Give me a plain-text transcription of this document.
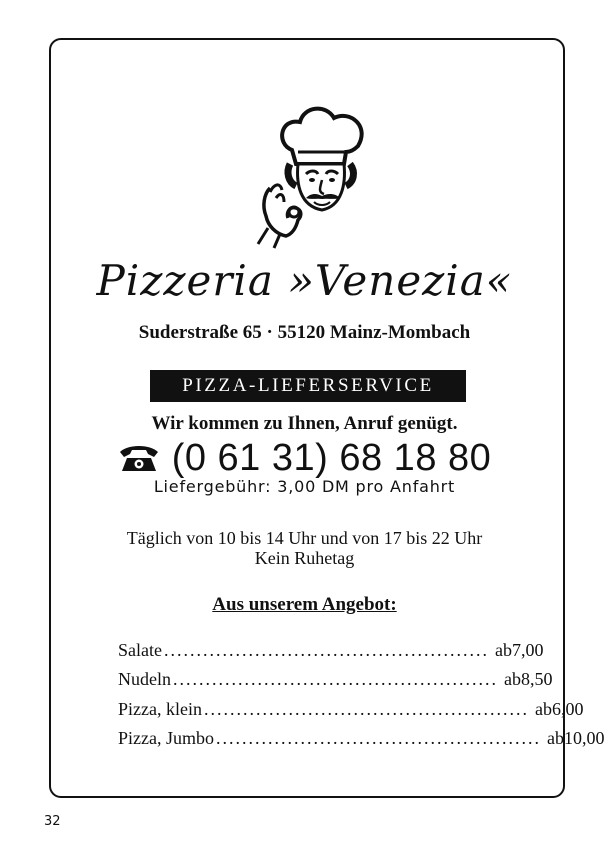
Pizzeria »Venezia«
Suderstraße 65 · 55120 Mainz-Mombach
PIZZA-LIEFERSERVICE
Wir kommen zu Ihnen, Anruf genügt.
(0 61 31) 68 18 80
Liefergebühr: 3,00 DM pro Anfahrt
Täglich von 10 bis 14 Uhr und von 17 bis 22 Uhr
Kein Ruhetag
Aus unserem Angebot:
Salate .................................................. ab 7,00
Nudeln .................................................. ab 8,50
Pizza, klein .................................................. ab 6,00
Pizza, Jumbo .................................................. ab 10,00
32
